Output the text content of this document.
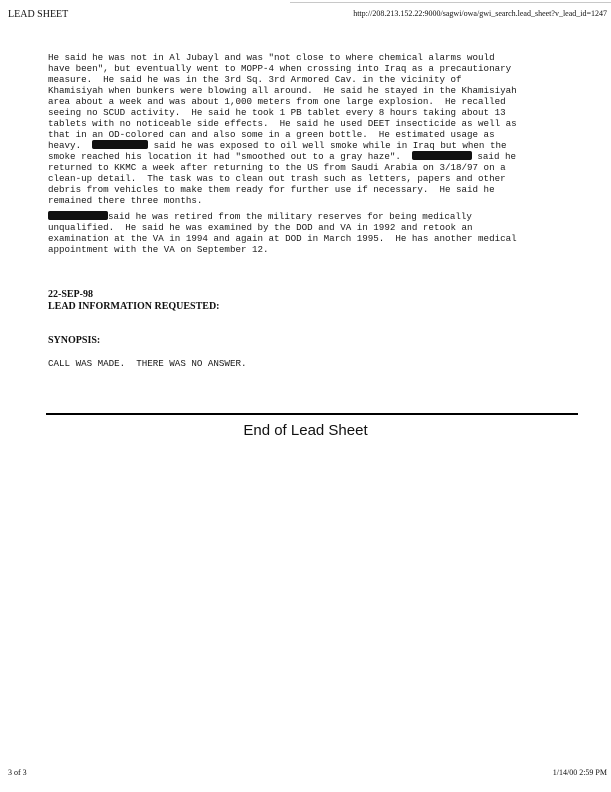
LEAD SHEET	http://208.213.152.22:9000/sagwi/owa/gwi_search.lead_sheet?v_lead_id=1247
He said he was not in Al Jubayl and was "not close to where chemical alarms would
have been", but eventually went to MOPP-4 when crossing into Iraq as a precautionary
measure.  He said he was in the 3rd Sq. 3rd Armored Cav. in the vicinity of
Khamisiyah when bunkers were blowing all around.  He said he stayed in the Khamisiyah
area about a week and was about 1,000 meters from one large explosion.  He recalled
seeing no SCUD activity.  He said he took 1 PB tablet every 8 hours taking about 13
tablets with no noticeable side effects.  He said he used DEET insecticide as well as
that in an OD-colored can and also some in a green bottle.  He estimated usage as
heavy.	said he was exposed to oil well smoke while in Iraq but when the
smoke reached his location it had "smoothed out to a gray haze".	said he
returned to KKMC a week after returning to the US from Saudi Arabia on 3/18/97 on a
clean-up detail.  The task was to clean out trash such as letters, papers and other
debris from vehicles to make them ready for further use if necessary.  He said he
remained there three months.
said he was retired from the military reserves for being medically
unqualified.  He said he was examined by the DOD and VA in 1992 and retook an
examination at the VA in 1994 and again at DOD in March 1995.  He has another medical
appointment with the VA on September 12.
22-SEP-98
LEAD INFORMATION REQUESTED:
SYNOPSIS:
CALL WAS MADE.  THERE WAS NO ANSWER.
End of Lead Sheet
3 of 3	1/14/00 2:59 PM
